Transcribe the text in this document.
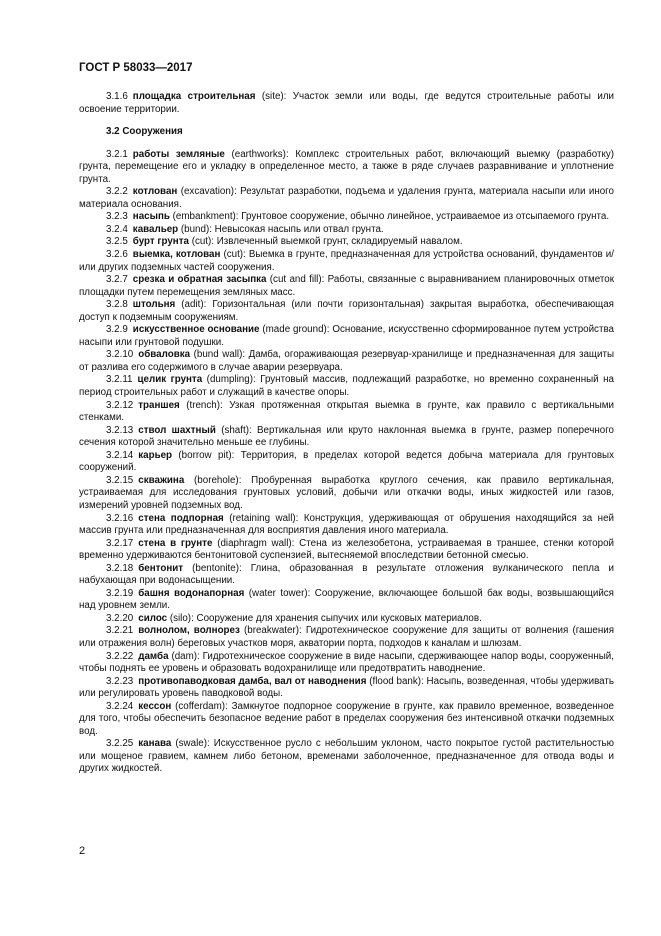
ГОСТ Р 58033—2017

3.1.6 площадка строительная (site): Участок земли или воды, где ведутся строительные работы или освоение территории.

3.2 Сооружения

3.2.1 работы земляные (earthworks): Комплекс строительных работ, включающий выемку (разработку) грунта, перемещение его и укладку в определенное место, а также в ряде случаев разравнивание и уплотнение грунта.

3.2.2 котлован (excavation): Результат разработки, подъема и удаления грунта, материала насыпи или иного материала основания.

3.2.3 насыпь (embankment): Грунтовое сооружение, обычно линейное, устраиваемое из отсыпаемого грунта.

3.2.4 кавальер (bund): Невысокая насыпь или отвал грунта.

3.2.5 бурт грунта (cut): Извлеченный выемкой грунт, складируемый навалом.

3.2.6 выемка, котлован (cut): Выемка в грунте, предназначенная для устройства оснований, фундаментов и/или других подземных частей сооружения.

3.2.7 срезка и обратная засыпка (cut and fill): Работы, связанные с выравниванием планировочных отметок площадки путем перемещения земляных масс.

3.2.8 штольня (adit): Горизонтальная (или почти горизонтальная) закрытая выработка, обеспечивающая доступ к подземным сооружениям.

3.2.9 искусственное основание (made ground): Основание, искусственно сформированное путем устройства насыпи или грунтовой подушки.

3.2.10 обваловка (bund wall): Дамба, огораживающая резервуар-хранилище и предназначенная для защиты от разлива его содержимого в случае аварии резервуара.

3.2.11 целик грунта (dumpling): Грунтовый массив, подлежащий разработке, но временно сохраненный на период строительных работ и служащий в качестве опоры.

3.2.12 траншея (trench): Узкая протяженная открытая выемка в грунте, как правило с вертикальными стенками.

3.2.13 ствол шахтный (shaft): Вертикальная или круто наклонная выемка в грунте, размер поперечного сечения которой значительно меньше ее глубины.

3.2.14 карьер (borrow pit): Территория, в пределах которой ведется добыча материала для грунтовых сооружений.

3.2.15 скважина (borehole): Пробуренная выработка круглого сечения, как правило вертикальная, устраиваемая для исследования грунтовых условий, добычи или откачки воды, иных жидкостей или газов, измерений уровней подземных вод.

3.2.16 стена подпорная (retaining wall): Конструкция, удерживающая от обрушения находящийся за ней массив грунта или предназначенная для восприятия давления иного материала.

3.2.17 стена в грунте (diaphragm wall): Стена из железобетона, устраиваемая в траншее, стенки которой временно удерживаются бентонитовой суспензией, вытесняемой впоследствии бетонной смесью.

3.2.18 бентонит (bentonite): Глина, образованная в результате отложения вулканического пепла и набухающая при водонасыщении.

3.2.19 башня водонапорная (water tower): Сооружение, включающее большой бак воды, возвышающийся над уровнем земли.

3.2.20 силос (silo): Сооружение для хранения сыпучих или кусковых материалов.

3.2.21 волнолом, волнорез (breakwater): Гидротехническое сооружение для защиты от волнения (гашения или отражения волн) береговых участков моря, акватории порта, подходов к каналам и шлюзам.

3.2.22 дамба (dam): Гидротехническое сооружение в виде насыпи, сдерживающее напор воды, сооруженный, чтобы поднять ее уровень и образовать водохранилище или предотвратить наводнение.

3.2.23 противопаводковая дамба, вал от наводнения (flood bank): Насыпь, возведенная, чтобы удерживать или регулировать уровень паводковой воды.

3.2.24 кессон (cofferdam): Замкнутое подпорное сооружение в грунте, как правило временное, возведенное для того, чтобы обеспечить безопасное ведение работ в пределах сооружения без интенсивной откачки подземных вод.

3.2.25 канава (swale): Искусственное русло с небольшим уклоном, часто покрытое густой растительностью или мощеное гравием, камнем либо бетоном, временами заболоченное, предназначенное для отвода воды и других жидкостей.

2
